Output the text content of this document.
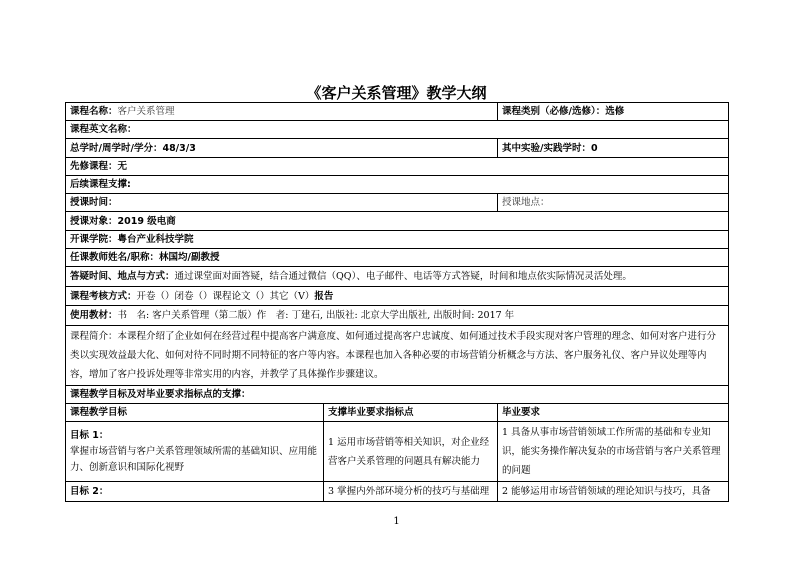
《客户关系管理》教学大纲
课程名称：客户关系管理		课程类别（必修/选修）：选修
课程英文名称：		
总学时/周学时/学分：48/3/3		其中实验/实践学时：0
先修课程：无		
后续课程支撑:		
授课时间：		授课地点：
授课对象：2019 级电商		
开课学院：粤台产业科技学院		
任课教师姓名/职称：林国均/副教授		
答疑时间、地点与方式：通过课堂面对面答疑，结合通过微信（QQ）、电子邮件、电话等方式答疑，时间和地点依实际情况灵活处理。		
课程考核方式：开卷（）闭卷（）课程论文（）其它（V）报告		
使用教材：书　名: 客户关系管理（第二版）作　者: 丁建石, 出版社: 北京大学出版社, 出版时间: 2017 年		
课程简介：本课程介绍了企业如何在经营过程中提高客户满意度、如何通过提高客户忠诚度、如何通过技术手段实现对客户管理的理念、如何对客户进行分类以实现效益最大化、如何对待不同时期不同特征的客户等内容。本课程也加入各种必要的市场营销分析概念与方法、客户服务礼仪、客户异议处理等内容，增加了客户投诉处理等非常实用的内容，并教学了具体操作步骤建议。		
课程教学目标及对毕业要求指标点的支撑：		
课程教学目标	支撑毕业要求指标点	毕业要求

目标 1：
掌握市场营销与客户关系管理领域所需的基础知识、应用能力、创新意识和国际化视野	1 运用市场营销等相关知识，对企业经营客户关系管理的问题具有解决能力	1 具备从事市场营销领域工作所需的基础和专业知识，能实务操作解决复杂的市场营销与客户关系管理的问题
目标 2：	3 掌握内外部环境分析的技巧与基础理	2 能够运用市场营销领域的理论知识与技巧，具备
1
